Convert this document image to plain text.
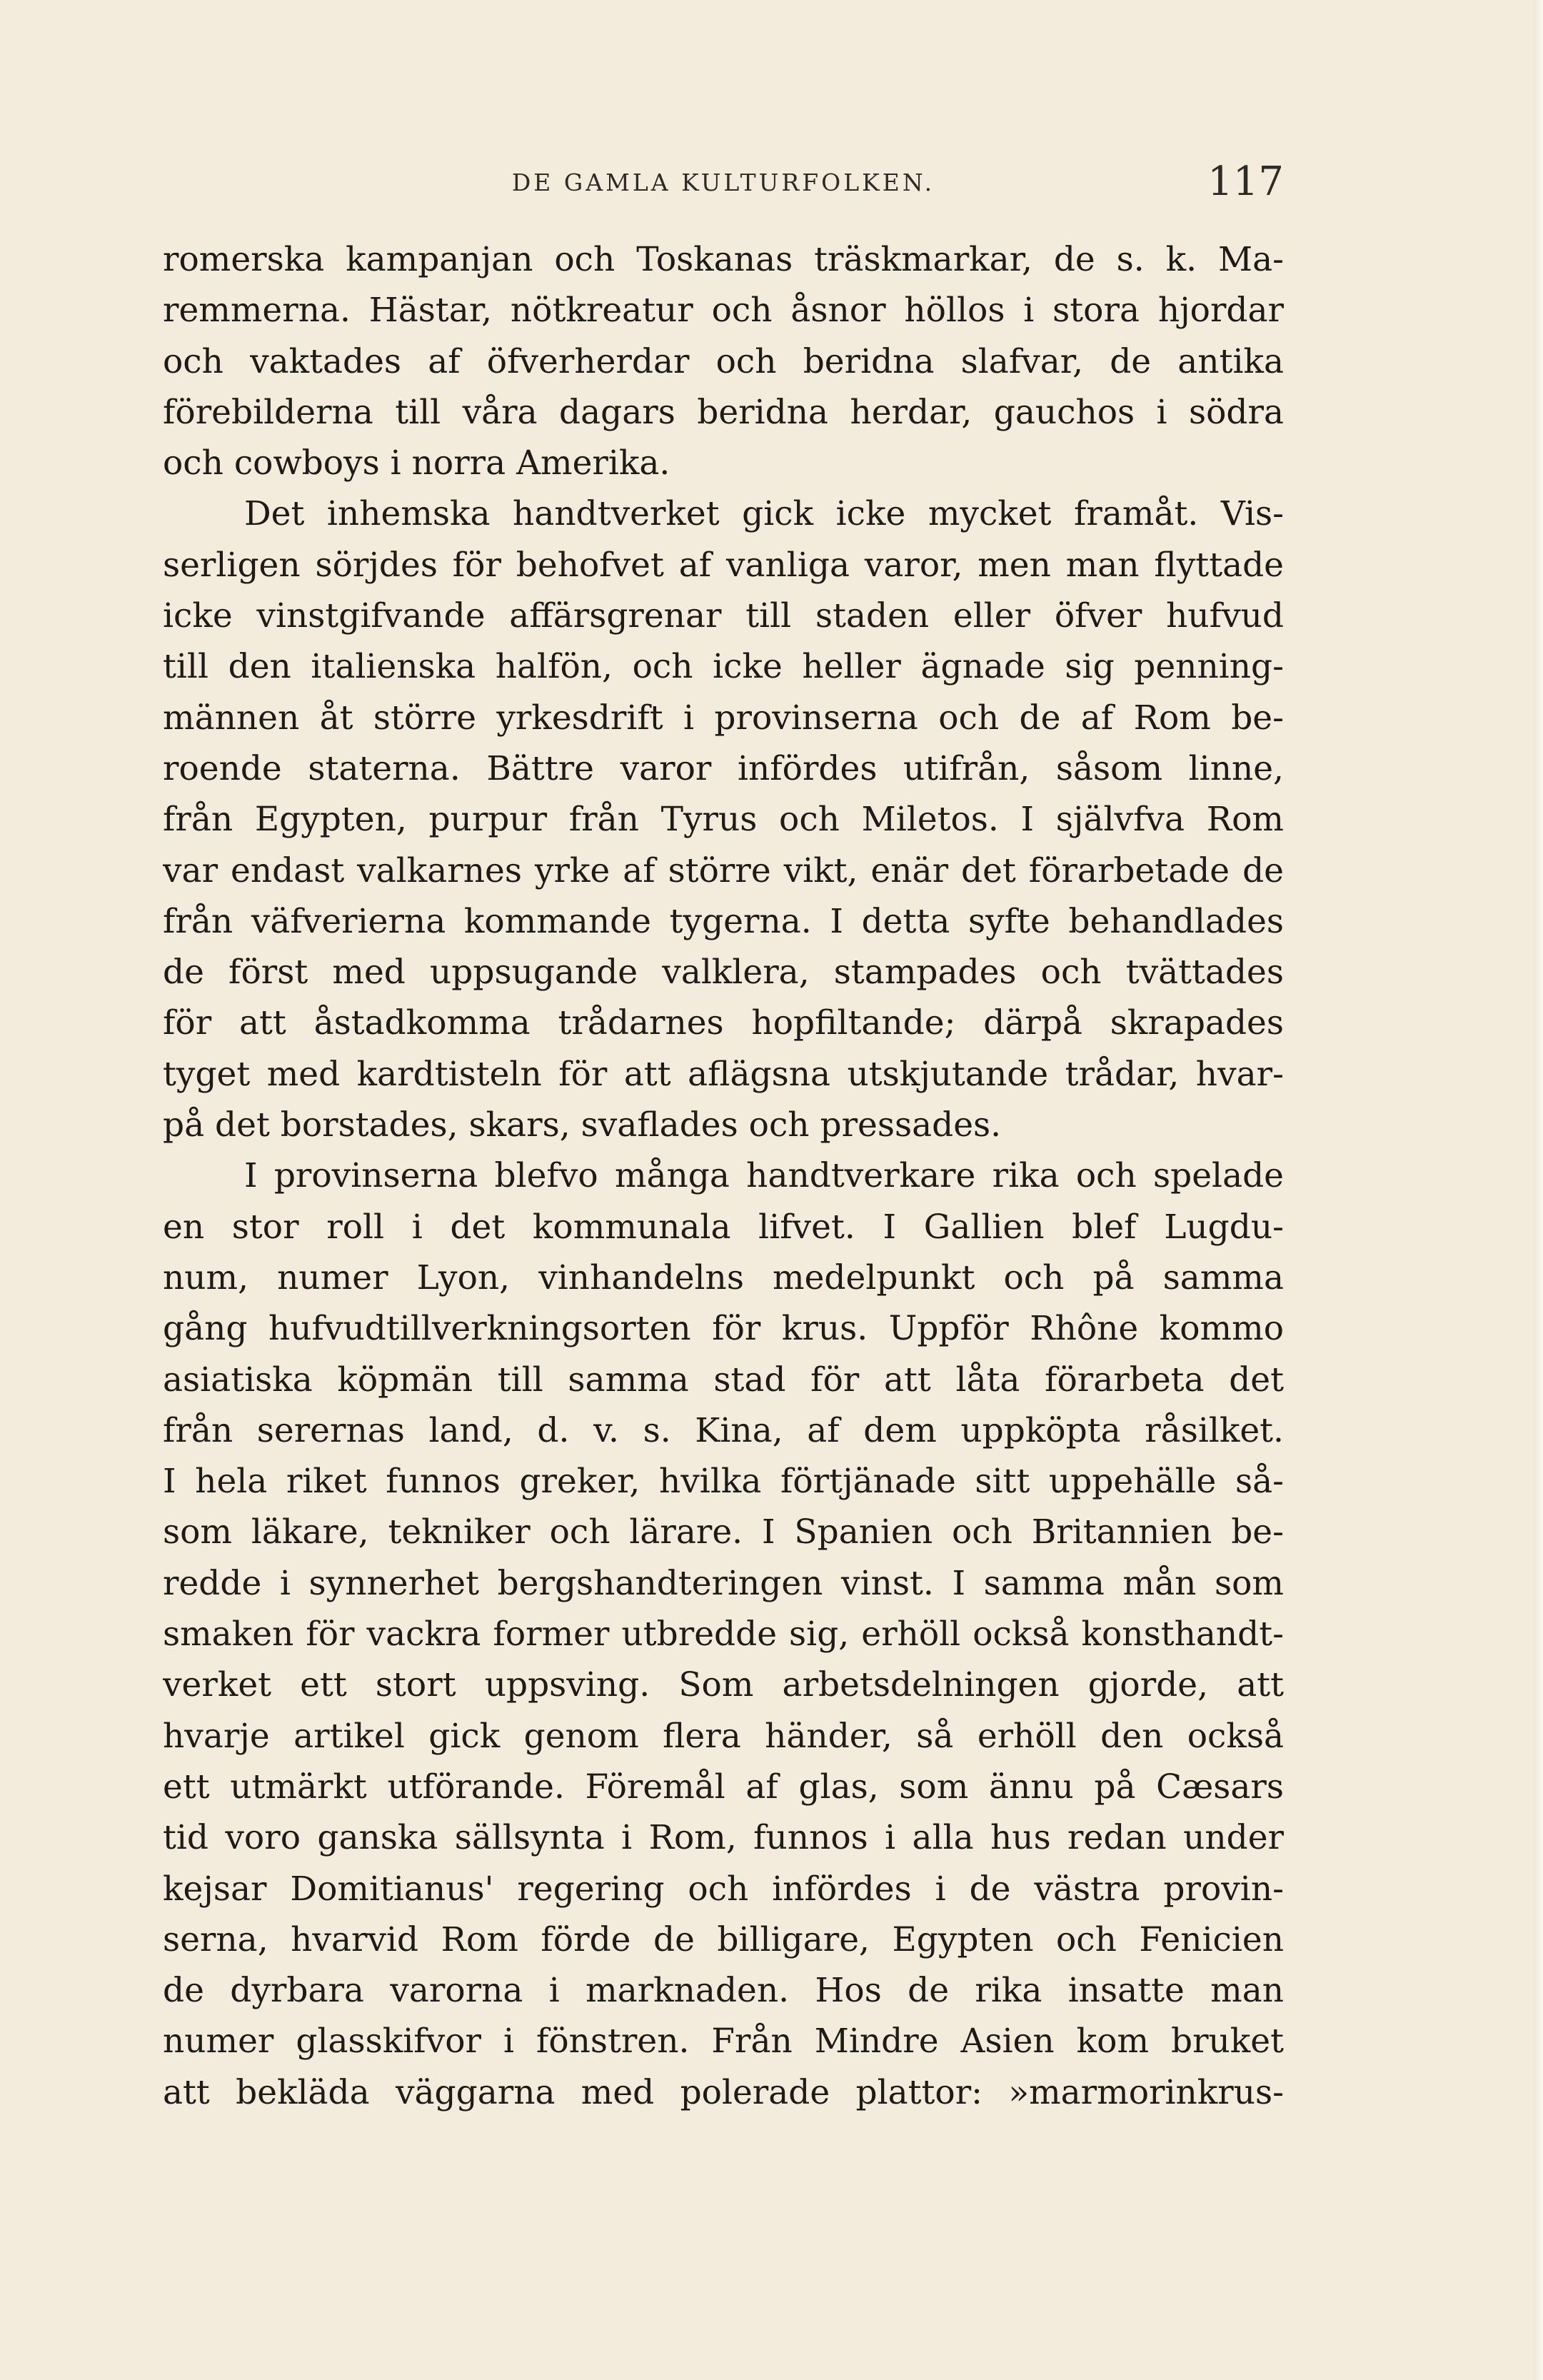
DE GAMLA KULTURFOLKEN.	117
romerska kampanjan och Toskanas träskmarkar, de s. k. Ma-
remmerna. Hästar, nötkreatur och åsnor höllos i stora hjordar
och vaktades af öfverherdar och beridna slafvar, de antika
förebilderna till våra dagars beridna herdar, gauchos i södra
och cowboys i norra Amerika.
Det inhemska handtverket gick icke mycket framåt. Vis-
serligen sörjdes för behofvet af vanliga varor, men man flyttade
icke vinstgifvande affärsgrenar till staden eller öfver hufvud
till den italienska halfön, och icke heller ägnade sig penning-
männen åt större yrkesdrift i provinserna och de af Rom be-
roende staterna. Bättre varor infördes utifrån, såsom linne,
från Egypten, purpur från Tyrus och Miletos. I självfva Rom
var endast valkarnes yrke af större vikt, enär det förarbetade de
från väfverierna kommande tygerna. I detta syfte behandlades
de först med uppsugande valklera, stampades och tvättades
för att åstadkomma trådarnes hopfiltande; därpå skrapades
tyget med kardtisteln för att aflägsna utskjutande trådar, hvar-
på det borstades, skars, svaflades och pressades.
I provinserna blefvo många handtverkare rika och spelade
en stor roll i det kommunala lifvet. I Gallien blef Lugdu-
num, numer Lyon, vinhandelns medelpunkt och på samma
gång hufvudtillverkningsorten för krus. Uppför Rhône kommo
asiatiska köpmän till samma stad för att låta förarbeta det
från serernas land, d. v. s. Kina, af dem uppköpta råsilket.
I hela riket funnos greker, hvilka förtjänade sitt uppehälle så-
som läkare, tekniker och lärare. I Spanien och Britannien be-
redde i synnerhet bergshandteringen vinst. I samma mån som
smaken för vackra former utbredde sig, erhöll också konsthandt-
verket ett stort uppsving. Som arbetsdelningen gjorde, att
hvarje artikel gick genom flera händer, så erhöll den också
ett utmärkt utförande. Föremål af glas, som ännu på Cæsars
tid voro ganska sällsynta i Rom, funnos i alla hus redan under
kejsar Domitianus' regering och infördes i de västra provin-
serna, hvarvid Rom förde de billigare, Egypten och Fenicien
de dyrbara varorna i marknaden. Hos de rika insatte man
numer glasskifvor i fönstren. Från Mindre Asien kom bruket
att bekläda väggarna med polerade plattor: »marmorinkrus-
